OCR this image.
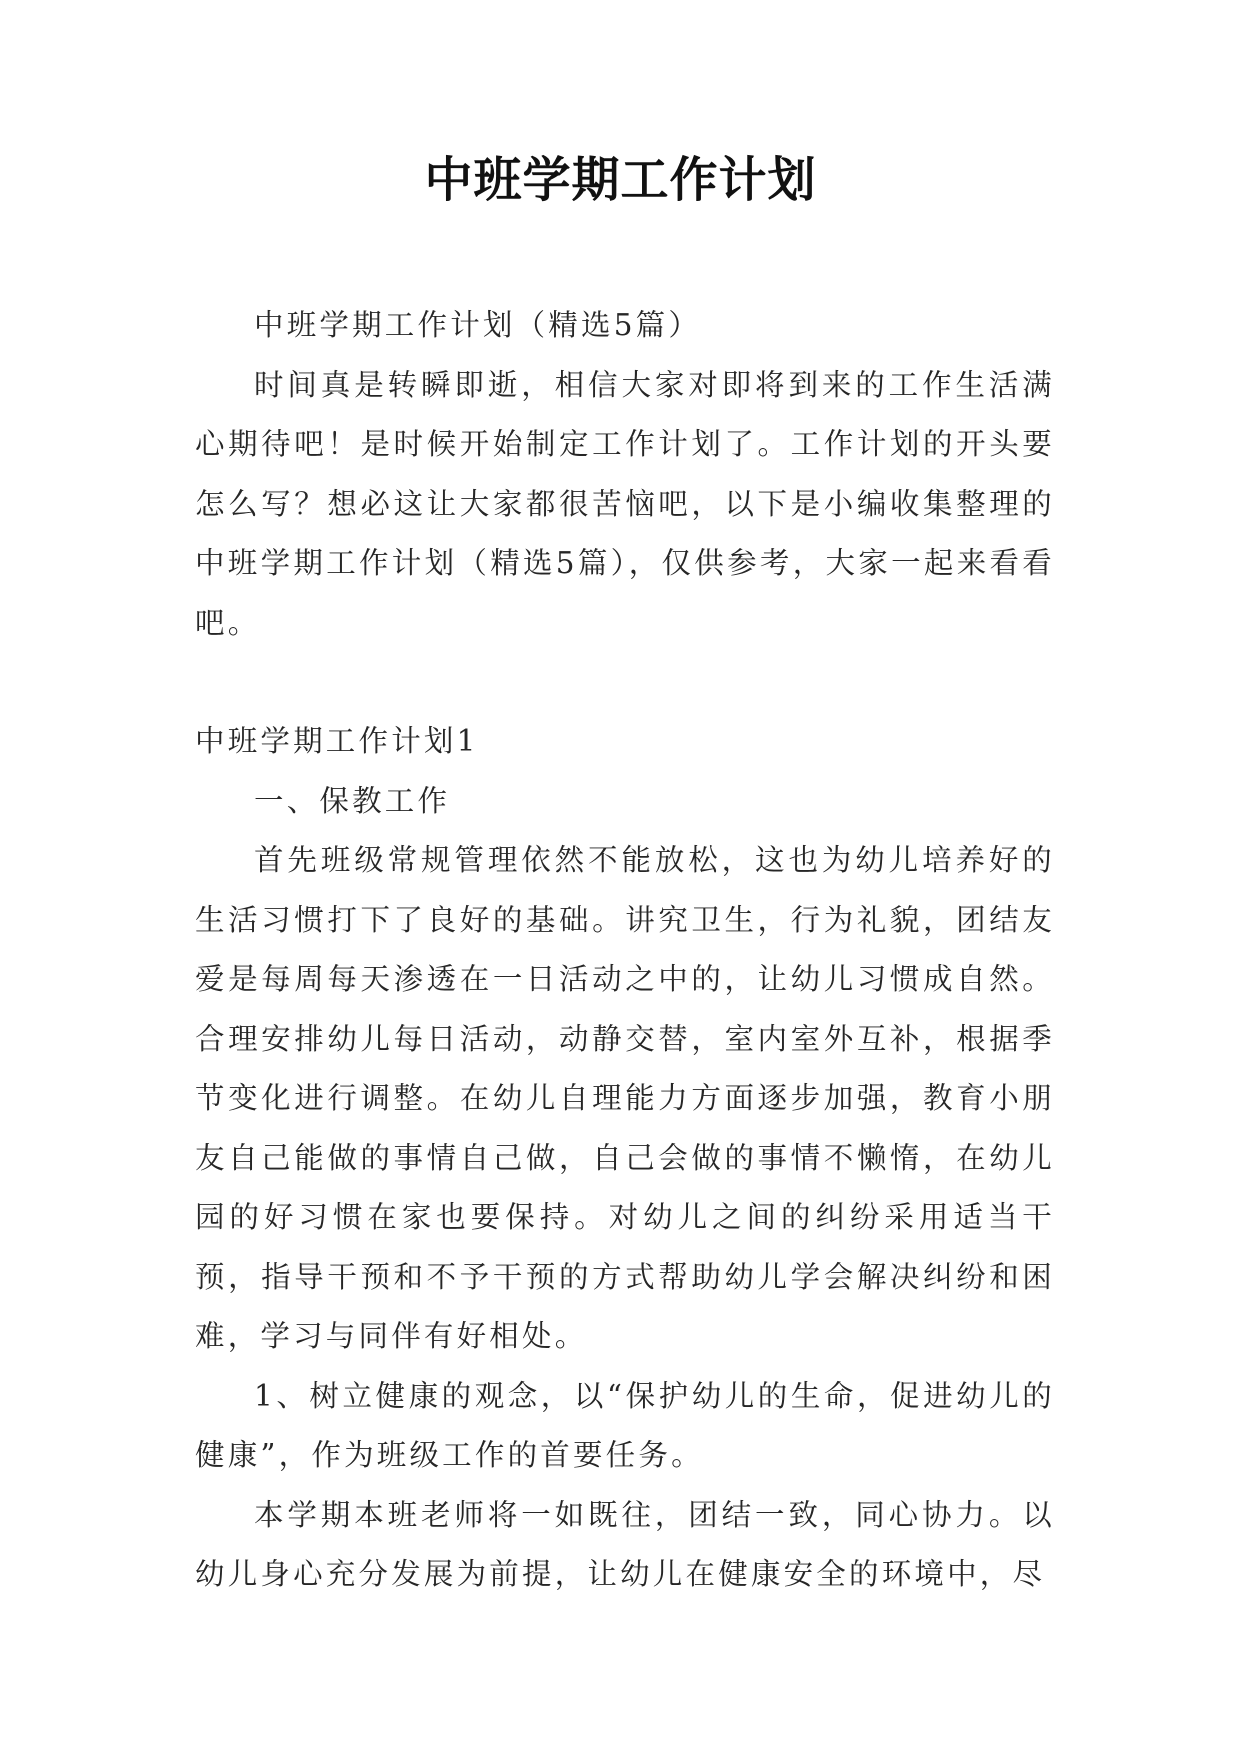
中班学期工作计划

中班学期工作计划（精选5篇）

时间真是转瞬即逝，相信大家对即将到来的工作生活满心期待吧！是时候开始制定工作计划了。工作计划的开头要怎么写？想必这让大家都很苦恼吧，以下是小编收集整理的中班学期工作计划（精选5篇），仅供参考，大家一起来看看吧。

中班学期工作计划1

一、保教工作

首先班级常规管理依然不能放松，这也为幼儿培养好的生活习惯打下了良好的基础。讲究卫生，行为礼貌，团结友爱是每周每天渗透在一日活动之中的，让幼儿习惯成自然。合理安排幼儿每日活动，动静交替，室内室外互补，根据季节变化进行调整。在幼儿自理能力方面逐步加强，教育小朋友自己能做的事情自己做，自己会做的事情不懒惰，在幼儿园的好习惯在家也要保持。对幼儿之间的纠纷采用适当干预，指导干预和不予干预的方式帮助幼儿学会解决纠纷和困难，学习与同伴有好相处。

1、树立健康的观念，以“保护幼儿的生命，促进幼儿的健康”，作为班级工作的首要任务。

本学期本班老师将一如既往，团结一致，同心协力。以幼儿身心充分发展为前提，让幼儿在健康安全的环境中，尽
